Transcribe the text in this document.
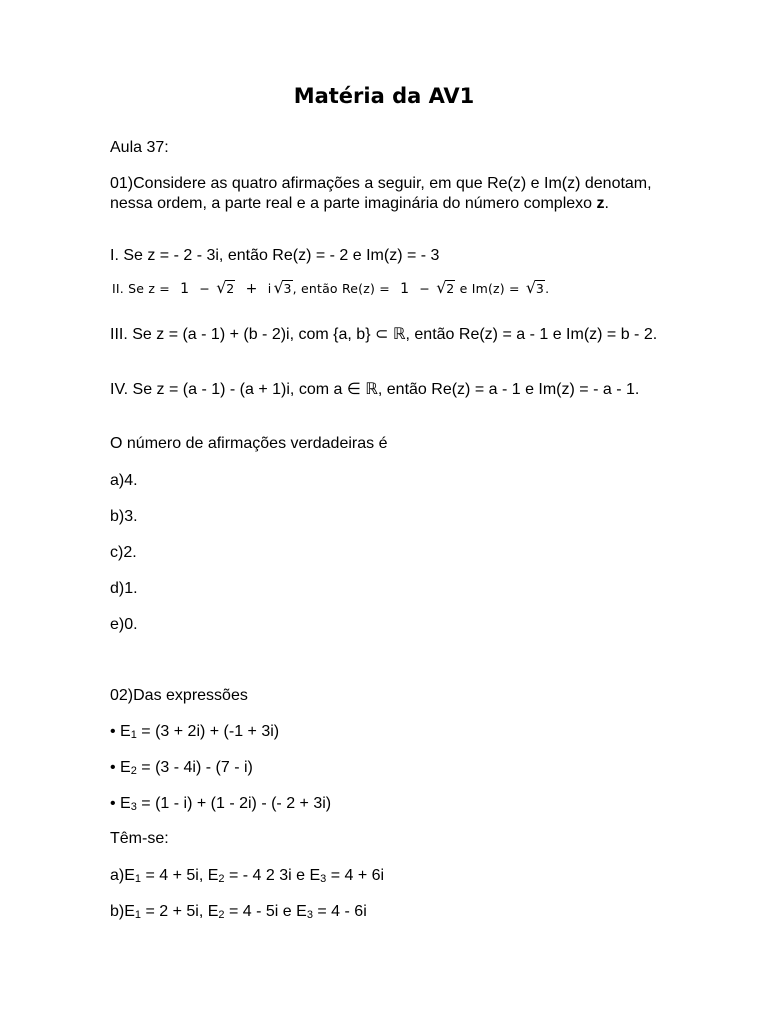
Matéria da AV1

Aula 37:

01)Considere as quatro afirmações a seguir, em que Re(z) e Im(z) denotam, nessa ordem, a parte real e a parte imaginária do número complexo z.

I. Se z = - 2 - 3i, então Re(z) = - 2 e Im(z) = - 3

II. Se z = 1 − √ 2 + i √ 3, então Re(z) = 1 − √ 2 e Im(z) = √ 3.

III. Se z = (a - 1) + (b - 2)i, com {a, b} ⊂ ℝ, então Re(z) = a - 1 e Im(z) = b - 2.

IV. Se z = (a - 1) - (a + 1)i, com a ∈ ℝ, então Re(z) = a - 1 e Im(z) = - a - 1.

O número de afirmações verdadeiras é

a)4.

b)3.

c)2.

d)1.

e)0.

02)Das expressões

• E1 = (3 + 2i) + (-1 + 3i)

• E2 = (3 - 4i) - (7 - i)

• E3 = (1 - i) + (1 - 2i) - (- 2 + 3i)

Têm-se:

a)E1 = 4 + 5i, E2 = - 4 2 3i e E3 = 4 + 6i

b)E1 = 2 + 5i, E2 = 4 - 5i e E3 = 4 - 6i
